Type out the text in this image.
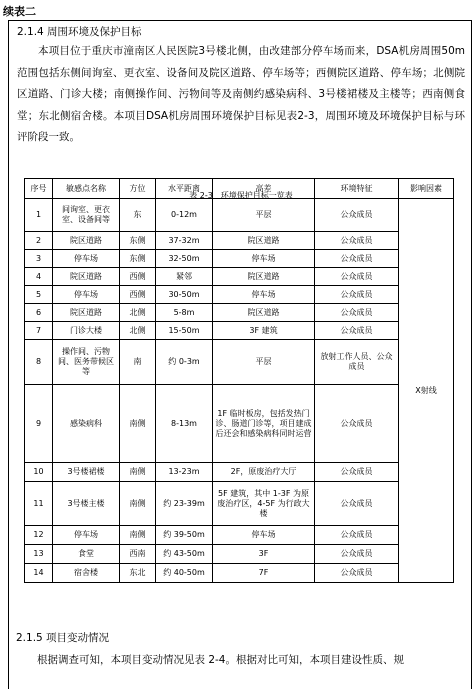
续表二
2.1.4 周围环境及保护目标
本项目位于重庆市潼南区人民医院3号楼北侧，由改建部分停车场而来，DSA机房周围50m范围包括东侧间询室、更衣室、设备间及院区道路、停车场等；西侧院区道路、停车场；北侧院区道路、门诊大楼；南侧操作间、污物间等及南侧约感染病科、3号楼裙楼及主楼等；西南侧食堂；东北侧宿舍楼。本项目DSA机房周围环境保护目标见表2-3，周围环境及环境保护目标与环评阶段一致。
表 2-3　环境保护目标一览表
序号	敏感点名称	方位	水平距离	高差	环境特征	影响因素
1	间询室、更衣室、设备间等	东	0-12m	平层	公众成员	X射线
2	院区道路	东侧	37-32m	院区道路	公众成员	
3	停车场	东侧	32-50m	停车场	公众成员	
4	院区道路	西侧	紧邻	院区道路	公众成员	
5	停车场	西侧	30-50m	停车场	公众成员	
6	院区道路	北侧	5-8m	院区道路	公众成员	
7	门诊大楼	北侧	15-50m	3F 建筑	公众成员	
8	操作间、污物间、医务带候区等	南	约 0-3m	平层	放射工作人员、公众成员	
9	感染病科	南侧	8-13m	1F 临时板房，包括发热门诊、肠道门诊等，项目建成后还会和感染病科同时运营	公众成员	
10	3号楼裙楼	南侧	13-23m	2F，原废治疗大厅	公众成员	
11	3号楼主楼	南侧	约 23-39m	5F 建筑，其中 1-3F 为原废治疗区，4-5F 为行政大楼	公众成员	
12	停车场	南侧	约 39-50m	停车场	公众成员	
13	食堂	西南	约 43-50m	3F	公众成员	
14	宿舍楼	东北	约 40-50m	7F	公众成员	
2.1.5 项目变动情况
根据调查可知，本项目变动情况见表 2-4。根据对比可知，本项目建设性质、规
